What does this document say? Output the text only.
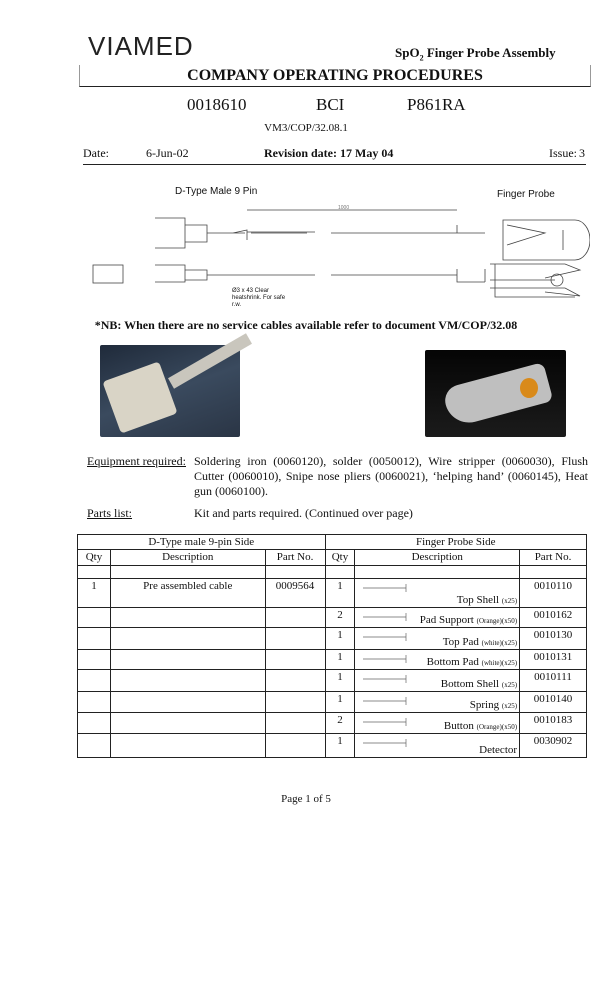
VIAMED	SpO$_2$ Finger Probe Assembly
COMPANY OPERATING PROCEDURES
0018610	BCI	P861RA
VM3/COP/32.08.1
Date:	6-Jun-02	Revision date: 17 May 04	Issue: 3
D-Type Male 9 Pin	Finger Probe
1000
Ø3 x 43 Clear
heatshrink. For safe
r.w.
*NB: When there are no service cables available refer to document VM/COP/32.08
Equipment required: Soldering iron (0060120), solder (0050012), Wire stripper (0060030), Flush Cutter (0060010), Snipe nose pliers (0060021), ‘helping hand’ (0060145), Heat gun (0060100).
Parts list:	Kit and parts required. (Continued over page)
D-Type male 9-pin Side			Finger Probe Side		
Qty	Description	Part No.	Qty	Description	Part No.

1	Pre assembled cable	0009564	1	Top Shell (x25)	0010110
			2	Pad Support (Orange)(x50)	0010162
			1	Top Pad (white)(x25)	0010130
			1	Bottom Pad (white)(x25)	0010131
			1	Bottom Shell (x25)	0010111
			1	Spring (x25)	0010140
			2	Button (Orange)(x50)	0010183
			1	Detector	0030902
Page 1 of 5
